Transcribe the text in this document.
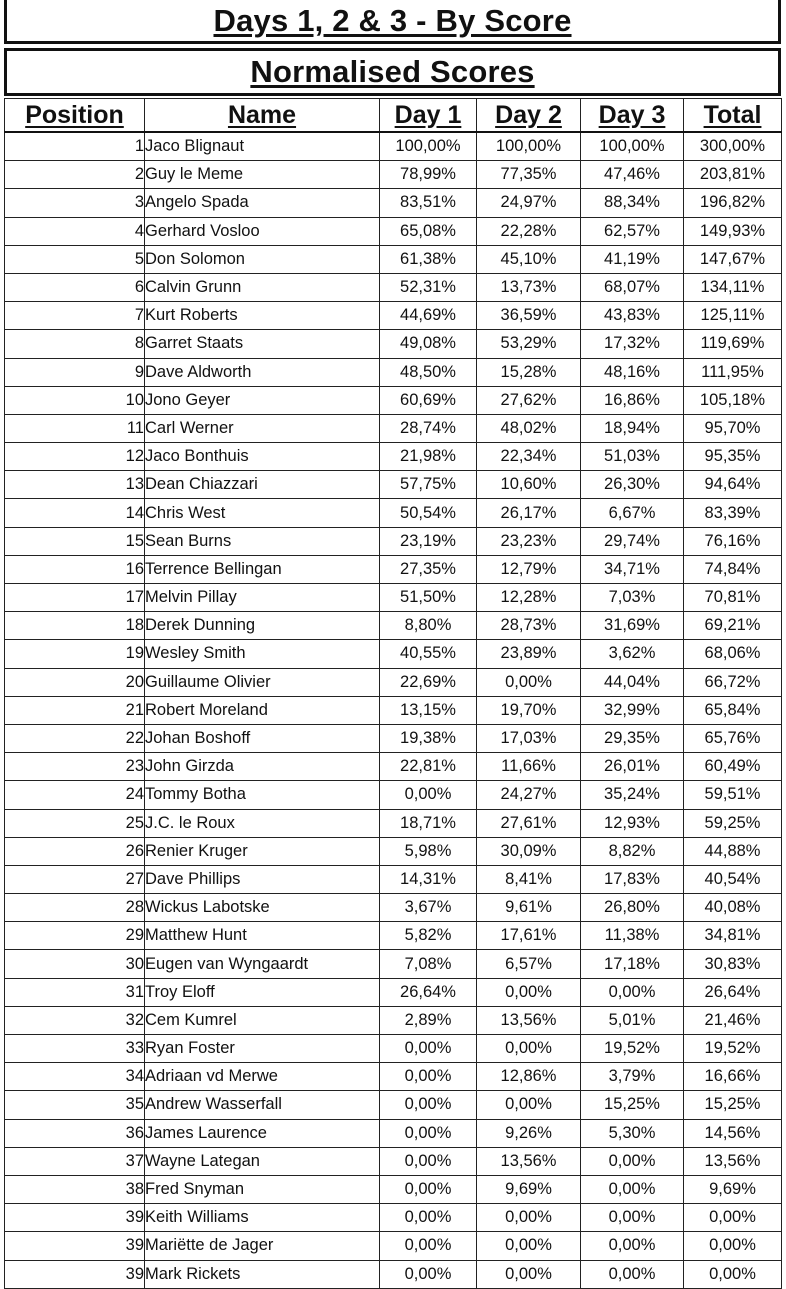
Days 1, 2 & 3 - By Score
Normalised Scores
Position	Name	Day 1	Day 2	Day 3	Total
1	Jaco Blignaut	100,00%	100,00%	100,00%	300,00%
2	Guy le Meme	78,99%	77,35%	47,46%	203,81%
3	Angelo Spada	83,51%	24,97%	88,34%	196,82%
4	Gerhard Vosloo	65,08%	22,28%	62,57%	149,93%
5	Don Solomon	61,38%	45,10%	41,19%	147,67%
6	Calvin Grunn	52,31%	13,73%	68,07%	134,11%
7	Kurt Roberts	44,69%	36,59%	43,83%	125,11%
8	Garret Staats	49,08%	53,29%	17,32%	119,69%
9	Dave Aldworth	48,50%	15,28%	48,16%	111,95%
10	Jono Geyer	60,69%	27,62%	16,86%	105,18%
11	Carl Werner	28,74%	48,02%	18,94%	95,70%
12	Jaco Bonthuis	21,98%	22,34%	51,03%	95,35%
13	Dean Chiazzari	57,75%	10,60%	26,30%	94,64%
14	Chris West	50,54%	26,17%	6,67%	83,39%
15	Sean Burns	23,19%	23,23%	29,74%	76,16%
16	Terrence Bellingan	27,35%	12,79%	34,71%	74,84%
17	Melvin Pillay	51,50%	12,28%	7,03%	70,81%
18	Derek Dunning	8,80%	28,73%	31,69%	69,21%
19	Wesley Smith	40,55%	23,89%	3,62%	68,06%
20	Guillaume Olivier	22,69%	0,00%	44,04%	66,72%
21	Robert Moreland	13,15%	19,70%	32,99%	65,84%
22	Johan Boshoff	19,38%	17,03%	29,35%	65,76%
23	John Girzda	22,81%	11,66%	26,01%	60,49%
24	Tommy Botha	0,00%	24,27%	35,24%	59,51%
25	J.C. le Roux	18,71%	27,61%	12,93%	59,25%
26	Renier Kruger	5,98%	30,09%	8,82%	44,88%
27	Dave Phillips	14,31%	8,41%	17,83%	40,54%
28	Wickus Labotske	3,67%	9,61%	26,80%	40,08%
29	Matthew Hunt	5,82%	17,61%	11,38%	34,81%
30	Eugen van Wyngaardt	7,08%	6,57%	17,18%	30,83%
31	Troy Eloff	26,64%	0,00%	0,00%	26,64%
32	Cem Kumrel	2,89%	13,56%	5,01%	21,46%
33	Ryan Foster	0,00%	0,00%	19,52%	19,52%
34	Adriaan vd Merwe	0,00%	12,86%	3,79%	16,66%
35	Andrew Wasserfall	0,00%	0,00%	15,25%	15,25%
36	James Laurence	0,00%	9,26%	5,30%	14,56%
37	Wayne Lategan	0,00%	13,56%	0,00%	13,56%
38	Fred Snyman	0,00%	9,69%	0,00%	9,69%
39	Keith Williams	0,00%	0,00%	0,00%	0,00%
39	Mariëtte de Jager	0,00%	0,00%	0,00%	0,00%
39	Mark Rickets	0,00%	0,00%	0,00%	0,00%
